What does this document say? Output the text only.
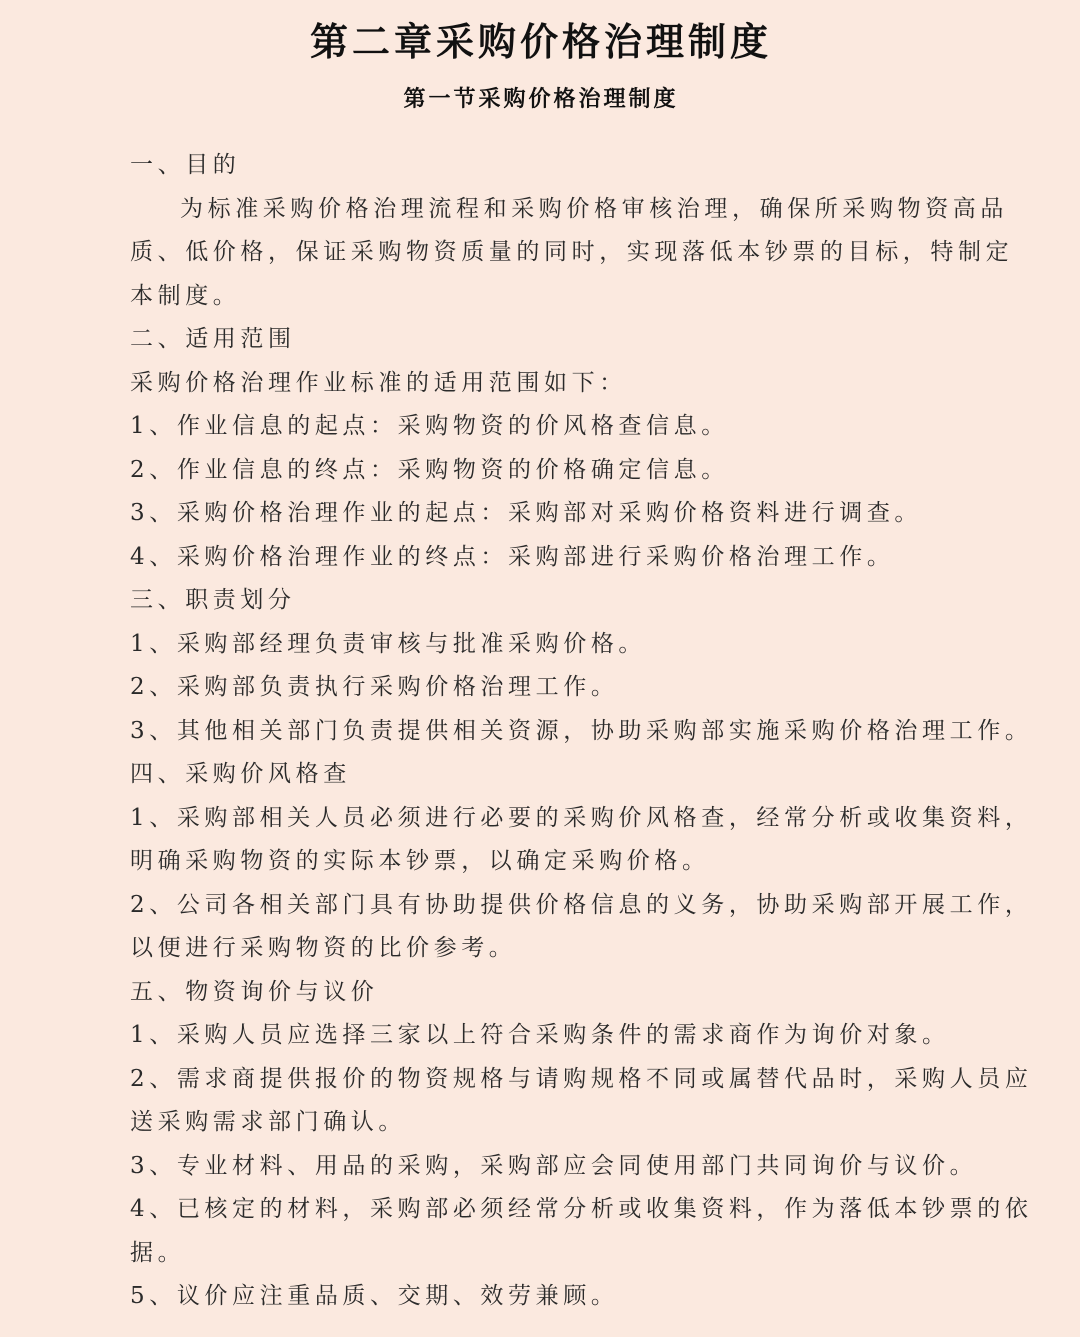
第二章采购价格治理制度
第一节采购价格治理制度
一、目的
为标准采购价格治理流程和采购价格审核治理，确保所采购物资高品
质、低价格，保证采购物资质量的同时，实现落低本钞票的目标，特制定
本制度。
二、适用范围
采购价格治理作业标准的适用范围如下：
1、作业信息的起点：采购物资的价风格查信息。
2、作业信息的终点：采购物资的价格确定信息。
3、采购价格治理作业的起点：采购部对采购价格资料进行调查。
4、采购价格治理作业的终点：采购部进行采购价格治理工作。
三、职责划分
1、采购部经理负责审核与批准采购价格。
2、采购部负责执行采购价格治理工作。
3、其他相关部门负责提供相关资源，协助采购部实施采购价格治理工作。
四、采购价风格查
1、采购部相关人员必须进行必要的采购价风格查，经常分析或收集资料，
明确采购物资的实际本钞票，以确定采购价格。
2、公司各相关部门具有协助提供价格信息的义务，协助采购部开展工作，
以便进行采购物资的比价参考。
五、物资询价与议价
1、采购人员应选择三家以上符合采购条件的需求商作为询价对象。
2、需求商提供报价的物资规格与请购规格不同或属替代品时，采购人员应
送采购需求部门确认。
3、专业材料、用品的采购，采购部应会同使用部门共同询价与议价。
4、已核定的材料，采购部必须经常分析或收集资料，作为落低本钞票的依
据。
5、议价应注重品质、交期、效劳兼顾。
